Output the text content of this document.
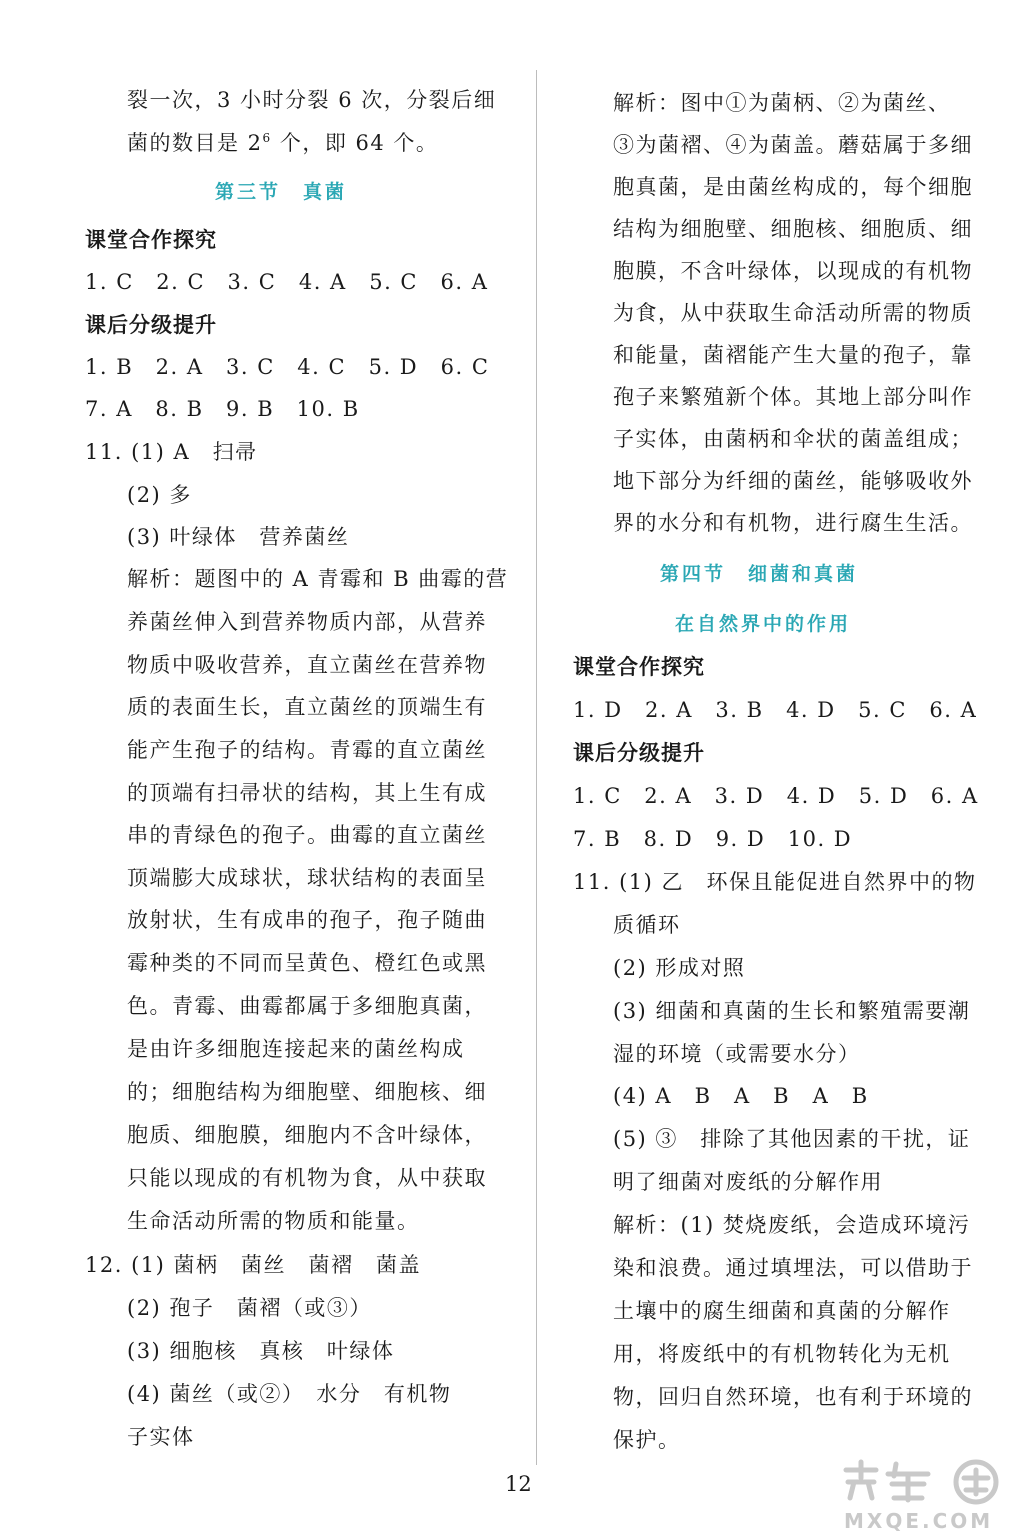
裂一次，3 小时分裂 6 次，分裂后细
菌的数目是 $2^6$ 个，即 64 个。
第三节　真菌
课堂合作探究
1. C　2. C　3. C　4. A　5. C　6. A
课后分级提升
1. B　2. A　3. C　4. C　5. D　6. C
7. A　8. B　9. B　10. B
11. (1) A　扫帚
(2) 多
(3) 叶绿体　营养菌丝
解析：题图中的 A 青霉和 B 曲霉的营
养菌丝伸入到营养物质内部，从营养
物质中吸收营养，直立菌丝在营养物
质的表面生长，直立菌丝的顶端生有
能产生孢子的结构。青霉的直立菌丝
的顶端有扫帚状的结构，其上生有成
串的青绿色的孢子。曲霉的直立菌丝
顶端膨大成球状，球状结构的表面呈
放射状，生有成串的孢子，孢子随曲
霉种类的不同而呈黄色、橙红色或黑
色。青霉、曲霉都属于多细胞真菌，
是由许多细胞连接起来的菌丝构成
的；细胞结构为细胞壁、细胞核、细
胞质、细胞膜，细胞内不含叶绿体，
只能以现成的有机物为食，从中获取
生命活动所需的物质和能量。
12. (1) 菌柄　菌丝　菌褶　菌盖
(2) 孢子　菌褶（或③）
(3) 细胞核　真核　叶绿体
(4) 菌丝（或②）　水分　有机物
子实体
解析：图中①为菌柄、②为菌丝、
③为菌褶、④为菌盖。蘑菇属于多细
胞真菌，是由菌丝构成的，每个细胞
结构为细胞壁、细胞核、细胞质、细
胞膜，不含叶绿体，以现成的有机物
为食，从中获取生命活动所需的物质
和能量，菌褶能产生大量的孢子，靠
孢子来繁殖新个体。其地上部分叫作
子实体，由菌柄和伞状的菌盖组成；
地下部分为纤细的菌丝，能够吸收外
界的水分和有机物，进行腐生生活。
第四节　细菌和真菌
在自然界中的作用
课堂合作探究
1. D　2. A　3. B　4. D　5. C　6. A
课后分级提升
1. C　2. A　3. D　4. D　5. D　6. A
7. B　8. D　9. D　10. D
11. (1) 乙　环保且能促进自然界中的物
质循环
(2) 形成对照
(3) 细菌和真菌的生长和繁殖需要潮
湿的环境（或需要水分）
(4) A　B　A　B　A　B
(5) ③　排除了其他因素的干扰，证
明了细菌对废纸的分解作用
解析：(1) 焚烧废纸，会造成环境污
染和浪费。通过填埋法，可以借助于
土壤中的腐生细菌和真菌的分解作
用，将废纸中的有机物转化为无机
物，回归自然环境，也有利于环境的
保护。
12
MXQE.COM
